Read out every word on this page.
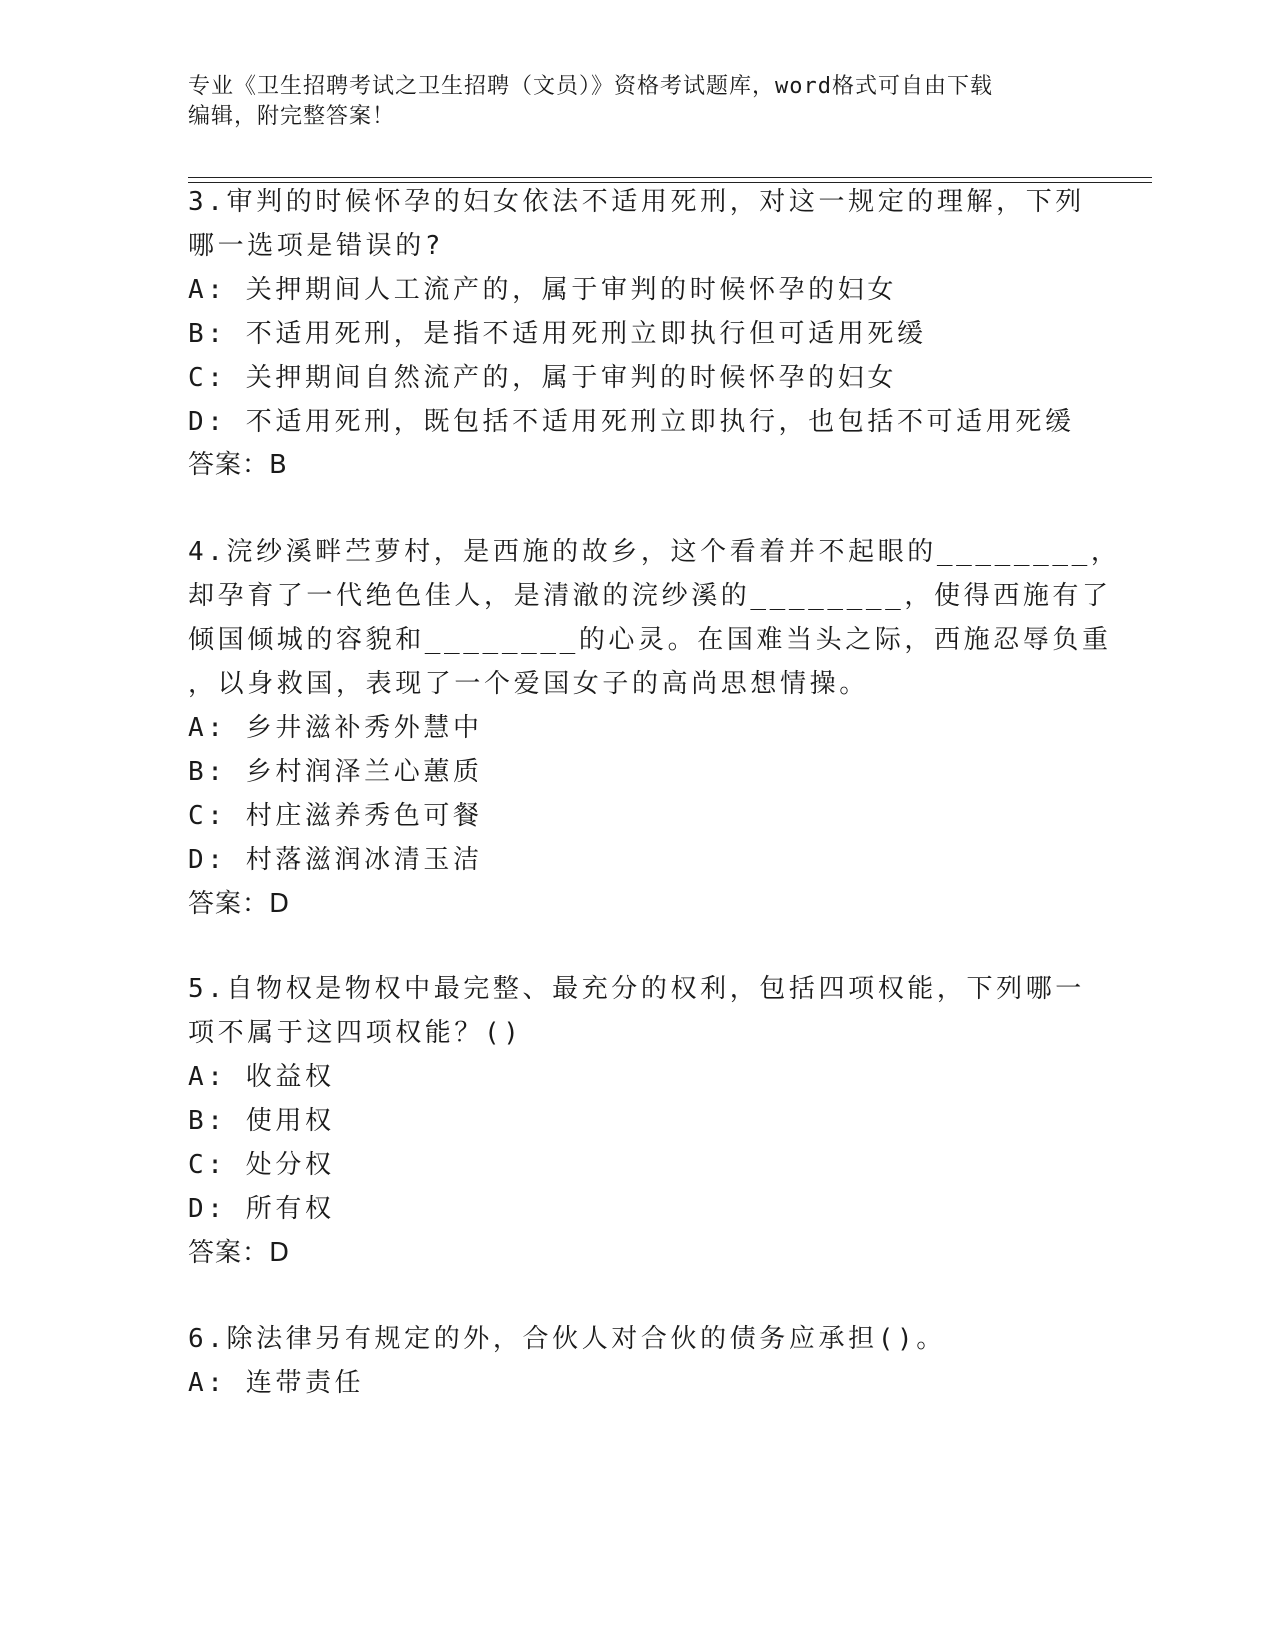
专业《卫生招聘考试之卫生招聘（文员）》资格考试题库，word格式可自由下载
编辑，附完整答案！
3.审判的时候怀孕的妇女依法不适用死刑，对这一规定的理解，下列
哪一选项是错误的?
A: 关押期间人工流产的，属于审判的时候怀孕的妇女
B: 不适用死刑，是指不适用死刑立即执行但可适用死缓
C: 关押期间自然流产的，属于审判的时候怀孕的妇女
D: 不适用死刑，既包括不适用死刑立即执行，也包括不可适用死缓
答案：B
4.浣纱溪畔苎萝村，是西施的故乡，这个看着并不起眼的________，
却孕育了一代绝色佳人，是清澈的浣纱溪的________，使得西施有了
倾国倾城的容貌和________的心灵。在国难当头之际，西施忍辱负重
，以身救国，表现了一个爱国女子的高尚思想情操。
A: 乡井滋补秀外慧中
B: 乡村润泽兰心蕙质
C: 村庄滋养秀色可餐
D: 村落滋润冰清玉洁
答案：D
5.自物权是物权中最完整、最充分的权利，包括四项权能，下列哪一
项不属于这四项权能？()
A: 收益权
B: 使用权
C: 处分权
D: 所有权
答案：D
6.除法律另有规定的外，合伙人对合伙的债务应承担()。
A: 连带责任
